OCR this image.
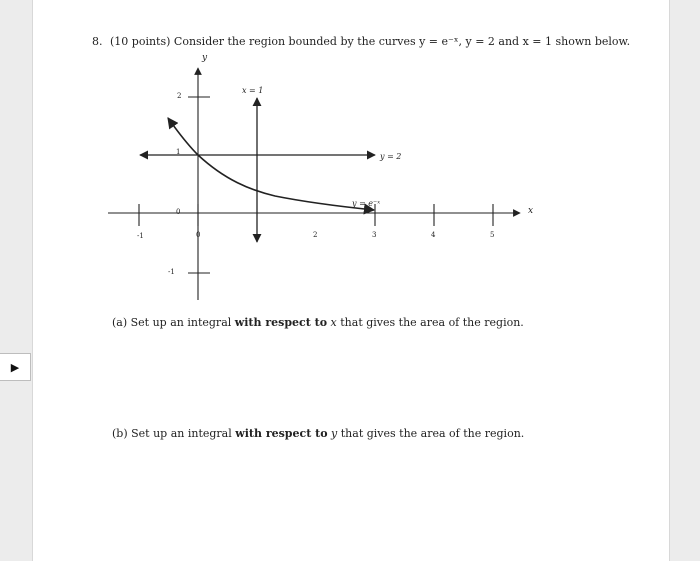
▶
8. (10 points) Consider the region bounded by the curves y = e⁻ˣ, y = 2 and x = 1 shown below.
-1	0	2	3	4	5
2
1
0
-1
y
x
y = 2
x = 1
y = e⁻ˣ
(a) Set up an integral with respect to x that gives the area of the region.
(b) Set up an integral with respect to y that gives the area of the region.
